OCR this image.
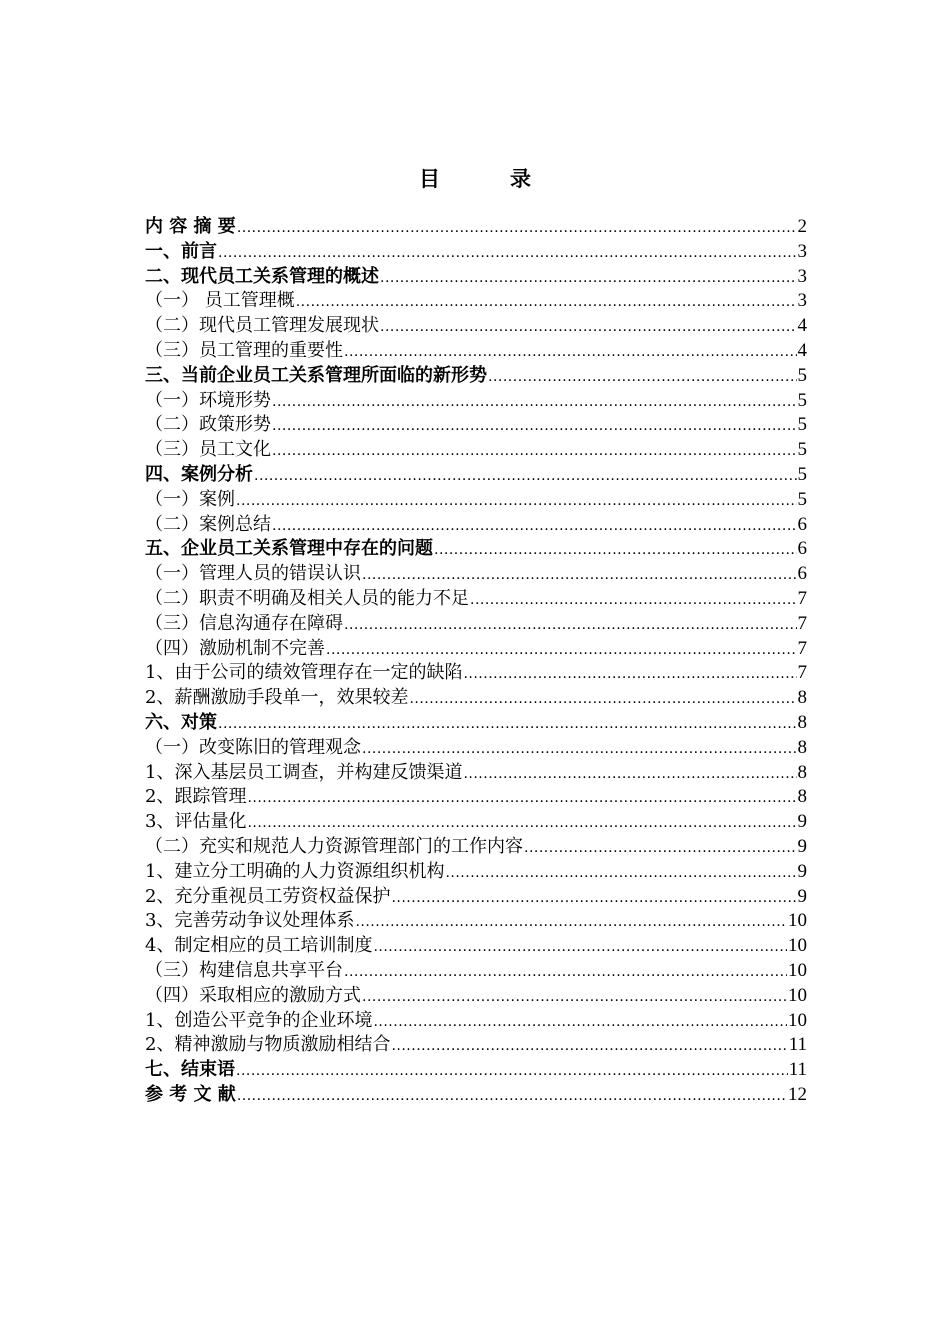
目	录
内 容 摘 要 .....	2
一、前言 .....	3
二、现代员工关系管理的概述 .....	3
（一） 员工管理概 .....	3
（二）现代员工管理发展现状 .....	4
（三）员工管理的重要性 .....	4
三、当前企业员工关系管理所面临的新形势 .....	5
（一）环境形势 .....	5
（二）政策形势 .....	5
（三）员工文化 .....	5
四、案例分析 .....	5
（一）案例 .....	5
（二）案例总结 .....	6
五、企业员工关系管理中存在的问题 .....	6
（一）管理人员的错误认识 .....	6
（二）职责不明确及相关人员的能力不足 .....	7
（三）信息沟通存在障碍 .....	7
（四）激励机制不完善 .....	7
1、由于公司的绩效管理存在一定的缺陷 .....	7
2、薪酬激励手段单一，效果较差 .....	8
六、对策 .....	8
（一）改变陈旧的管理观念 .....	8
1、深入基层员工调查，并构建反馈渠道 .....	8
2、跟踪管理 .....	8
3、评估量化 .....	9
（二）充实和规范人力资源管理部门的工作内容 .....	9
1、建立分工明确的人力资源组织机构 .....	9
2、充分重视员工劳资权益保护 .....	9
3、完善劳动争议处理体系 .....	10
4、制定相应的员工培训制度 .....	10
（三）构建信息共享平台 .....	10
（四）采取相应的激励方式 .....	10
1、创造公平竞争的企业环境 .....	10
2、精神激励与物质激励相结合 .....	11
七、结束语 .....	11
参 考 文 献 .....	12
